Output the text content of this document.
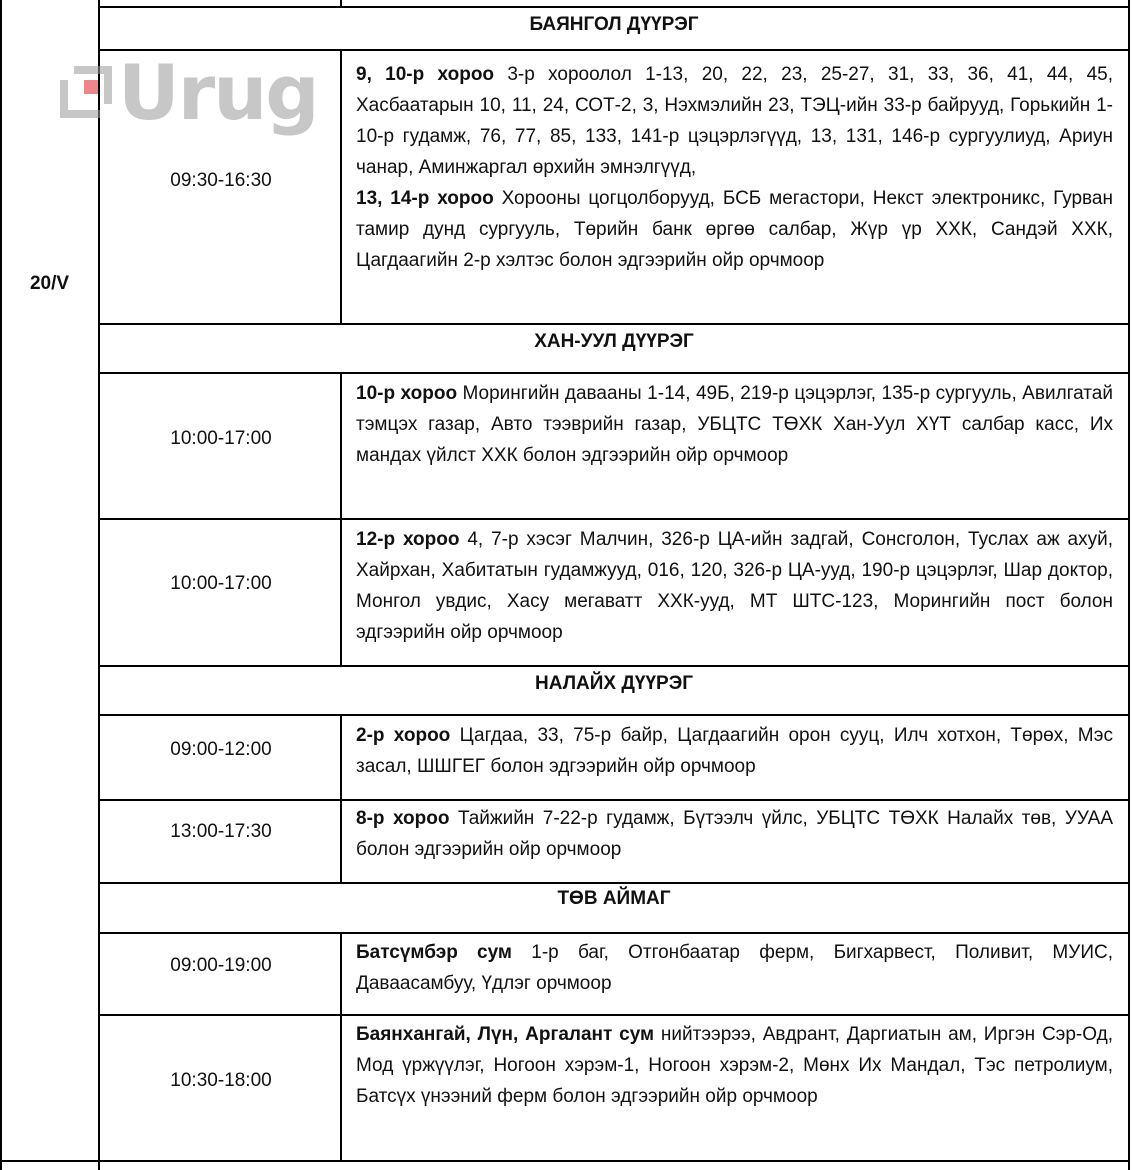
Urug
20/V
БАЯНГОЛ ДҮҮРЭГ
09:30-16:30
9, 10-р хороо 3-р хороолол 1-13, 20, 22, 23, 25-27, 31, 33, 36, 41, 44, 45, Хасбаатарын 10, 11, 24, СОТ-2, 3, Нэхмэлийн 23, ТЭЦ-ийн 33-р байрууд, Горькийн 1-10-р гудамж, 76, 77, 85, 133, 141-р цэцэрлэгүүд, 13, 131, 146-р сургуулиуд, Ариун чанар, Аминжаргал өрхийн эмнэлгүүд,
13, 14-р хороо Хорооны цогцолборууд, БСБ мегастори, Некст электроникс, Гурван тамир дунд сургууль, Төрийн банк өргөө салбар, Жүр үр ХХК, Сандэй ХХК, Цагдаагийн 2-р хэлтэс болон эдгээрийн ойр орчмоор
ХАН-УУЛ ДҮҮРЭГ
10:00-17:00
10-р хороо Морингийн давааны 1-14, 49Б, 219-р цэцэрлэг, 135-р сургууль, Авилгатай тэмцэх газар, Авто тээврийн газар, УБЦТС ТӨХК Хан-Уул ХҮТ салбар касс, Их мандах үйлст ХХК болон эдгээрийн ойр орчмоор
10:00-17:00
12-р хороо 4, 7-р хэсэг Малчин, 326-р ЦА-ийн задгай, Сонсголон, Туслах аж ахуй, Хайрхан, Хабитатын гудамжууд, 016, 120, 326-р ЦА-ууд, 190-р цэцэрлэг, Шар доктор, Монгол увдис, Хасу мегаватт ХХК-ууд, МТ ШТС-123, Морингийн пост болон эдгээрийн ойр орчмоор
НАЛАЙХ ДҮҮРЭГ
09:00-12:00
2-р хороо Цагдаа, 33, 75-р байр, Цагдаагийн орон сууц, Илч хотхон, Төрөх, Мэс засал, ШШГЕГ болон эдгээрийн ойр орчмоор
13:00-17:30
8-р хороо Тайжийн 7-22-р гудамж, Бүтээлч үйлс, УБЦТС ТӨХК Налайх төв, УУАА болон эдгээрийн ойр орчмоор
ТӨВ АЙМАГ
09:00-19:00
Батсүмбэр сум 1-р баг, Отгонбаатар ферм, Бигхарвест, Поливит, МУИС, Даваасамбуу, Үдлэг орчмоор
10:30-18:00
Баянхангай, Лүн, Аргалант сум нийтээрээ, Авдрант, Даргиатын ам, Иргэн Сэр-Од, Мод үржүүлэг, Ногоон хэрэм-1, Ногоон хэрэм-2, Мөнх Их Мандал, Тэс петролиум, Батсүх үнээний ферм болон эдгээрийн ойр орчмоор
